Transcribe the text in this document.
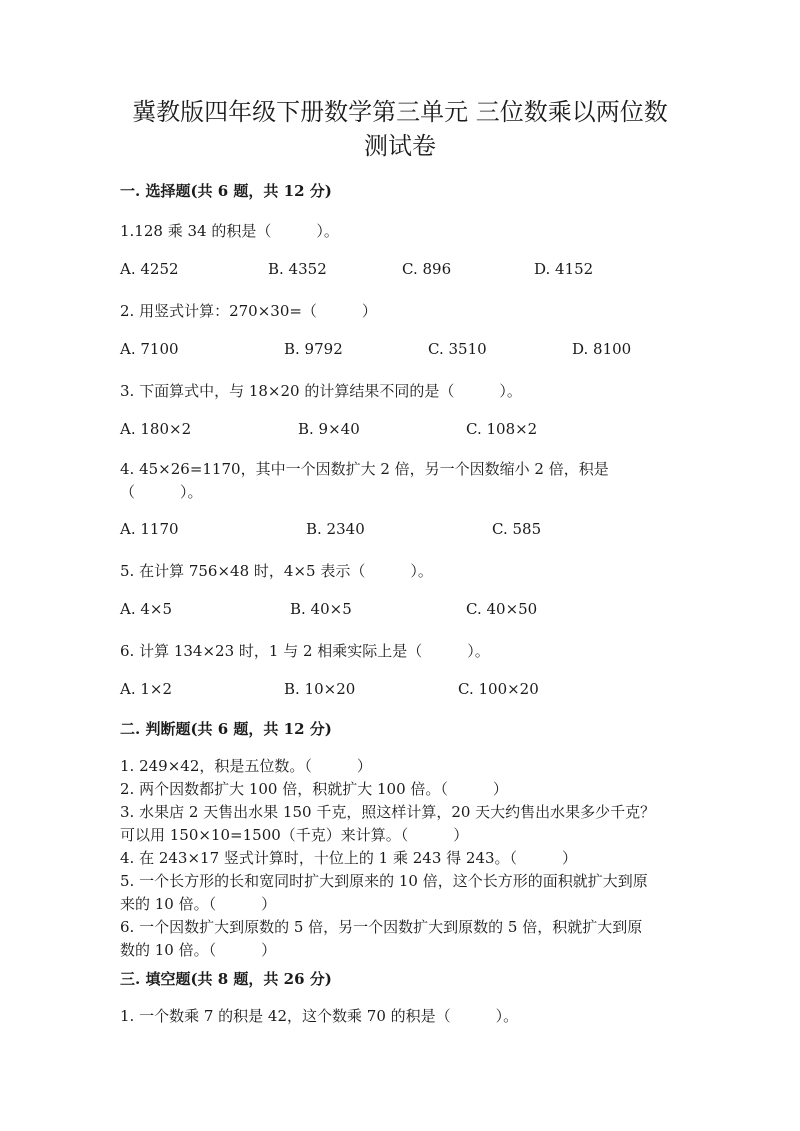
冀教版四年级下册数学第三单元 三位数乘以两位数
测试卷
一. 选择题(共 6 题，共 12 分)

1.128 乘 34 的积是（　　　）。

A. 4252	B. 4352	C. 896	D. 4152

2. 用竖式计算：270×30=（　　　）

A. 7100	B. 9792	C. 3510	D. 8100

3. 下面算式中，与 18×20 的计算结果不同的是（　　　）。

A. 180×2	B. 9×40	C. 108×2

4. 45×26=1170，其中一个因数扩大 2 倍，另一个因数缩小 2 倍，积是

（　　　）。

A. 1170	B. 2340	C. 585

5. 在计算 756×48 时，4×5 表示（　　　）。

A. 4×5	B. 40×5	C. 40×50

6. 计算 134×23 时，1 与 2 相乘实际上是（　　　）。

A. 1×2	B. 10×20	C. 100×20
二. 判断题(共 6 题，共 12 分)

1. 249×42，积是五位数。（　　　）

2. 两个因数都扩大 100 倍，积就扩大 100 倍。（　　　）

3. 水果店 2 天售出水果 150 千克，照这样计算，20 天大约售出水果多少千克？

可以用 150×10=1500（千克）来计算。（　　　）

4. 在 243×17 竖式计算时，十位上的 1 乘 243 得 243。（　　　）

5. 一个长方形的长和宽同时扩大到原来的 10 倍，这个长方形的面积就扩大到原

来的 10 倍。（　　　）

6. 一个因数扩大到原数的 5 倍，另一个因数扩大到原数的 5 倍，积就扩大到原

数的 10 倍。（　　　）

三. 填空题(共 8 题，共 26 分)

1. 一个数乘 7 的积是 42，这个数乘 70 的积是（　　　）。
